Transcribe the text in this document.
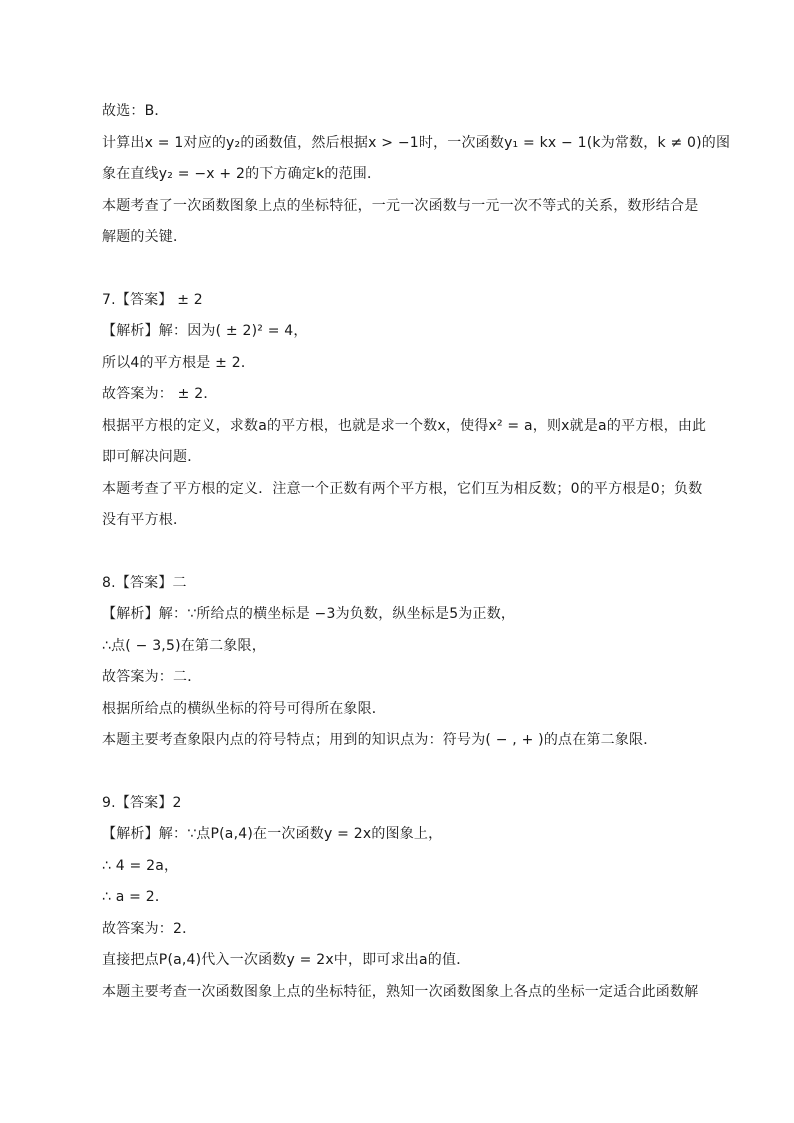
故选：B．
计算出x = 1对应的y₂的函数值，然后根据x > −1时，一次函数y₁ = kx − 1(k为常数，k ≠ 0)的图
象在直线y₂ = −x + 2的下方确定k的范围．
本题考查了一次函数图象上点的坐标特征，一元一次函数与一元一次不等式的关系，数形结合是
解题的关键．
7.【答案】 ± 2
【解析】解：因为( ± 2)² = 4，
所以4的平方根是 ± 2．
故答案为： ± 2．
根据平方根的定义，求数a的平方根，也就是求一个数x，使得x² = a，则x就是a的平方根，由此
即可解决问题．
本题考查了平方根的定义．注意一个正数有两个平方根，它们互为相反数；0的平方根是0；负数
没有平方根．
8.【答案】二
【解析】解：∵所给点的横坐标是 −3为负数，纵坐标是5为正数，
∴点( − 3,5)在第二象限，
故答案为：二．
根据所给点的横纵坐标的符号可得所在象限．
本题主要考查象限内点的符号特点；用到的知识点为：符号为( − , + )的点在第二象限．
9.【答案】2
【解析】解：∵点P(a,4)在一次函数y = 2x的图象上，
∴ 4 = 2a，
∴ a = 2．
故答案为：2．
直接把点P(a,4)代入一次函数y = 2x中，即可求出a的值．
本题主要考查一次函数图象上点的坐标特征，熟知一次函数图象上各点的坐标一定适合此函数解
